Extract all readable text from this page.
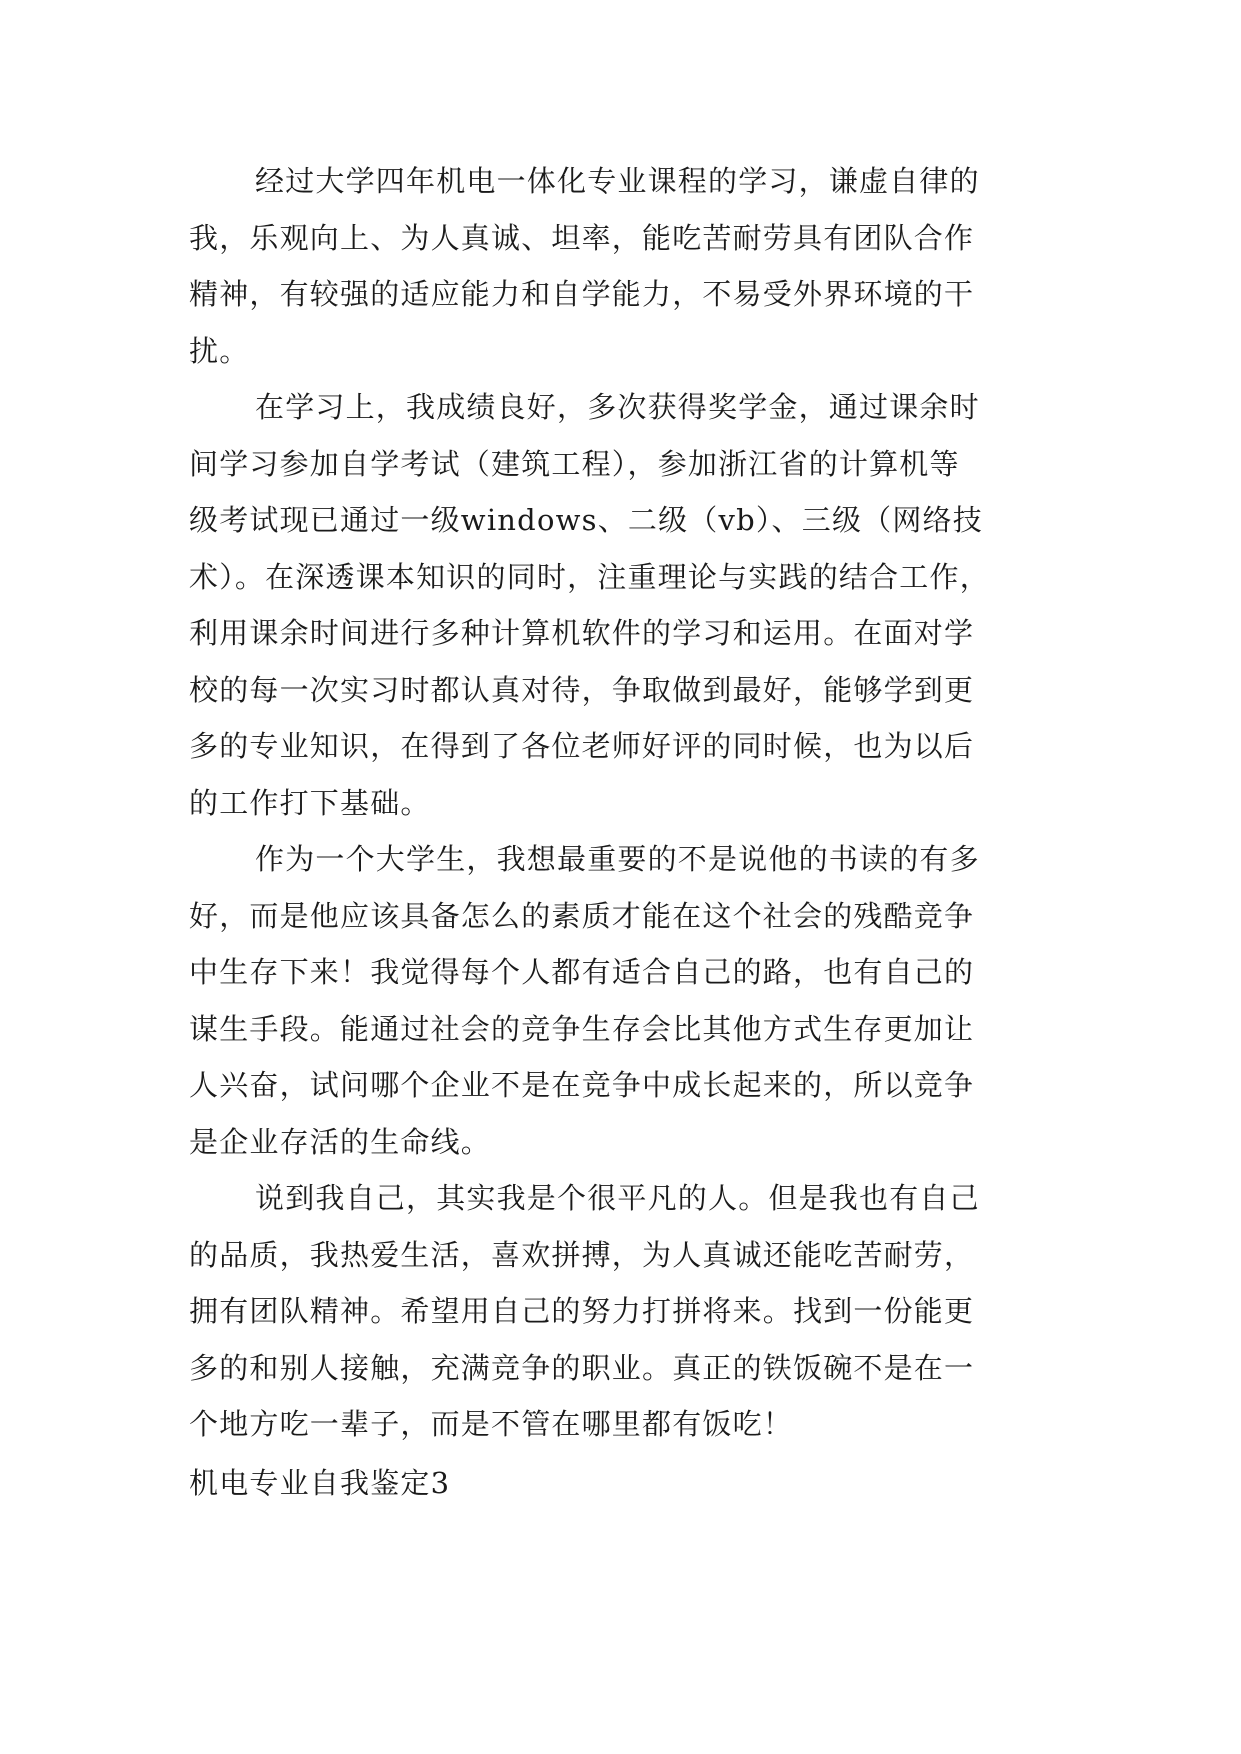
经过大学四年机电一体化专业课程的学习，谦虚自律的
我，乐观向上、为人真诚、坦率，能吃苦耐劳具有团队合作
精神，有较强的适应能力和自学能力，不易受外界环境的干
扰。
在学习上，我成绩良好，多次获得奖学金，通过课余时
间学习参加自学考试（建筑工程），参加浙江省的计算机等
级考试现已通过一级windows、二级（vb）、三级（网络技
术）。在深透课本知识的同时，注重理论与实践的结合工作，
利用课余时间进行多种计算机软件的学习和运用。在面对学
校的每一次实习时都认真对待，争取做到最好，能够学到更
多的专业知识，在得到了各位老师好评的同时候，也为以后
的工作打下基础。
作为一个大学生，我想最重要的不是说他的书读的有多
好，而是他应该具备怎么的素质才能在这个社会的残酷竞争
中生存下来！我觉得每个人都有适合自己的路，也有自己的
谋生手段。能通过社会的竞争生存会比其他方式生存更加让
人兴奋，试问哪个企业不是在竞争中成长起来的，所以竞争
是企业存活的生命线。
说到我自己，其实我是个很平凡的人。但是我也有自己
的品质，我热爱生活，喜欢拼搏，为人真诚还能吃苦耐劳，
拥有团队精神。希望用自己的努力打拼将来。找到一份能更
多的和别人接触，充满竞争的职业。真正的铁饭碗不是在一
个地方吃一辈子，而是不管在哪里都有饭吃！
机电专业自我鉴定3
